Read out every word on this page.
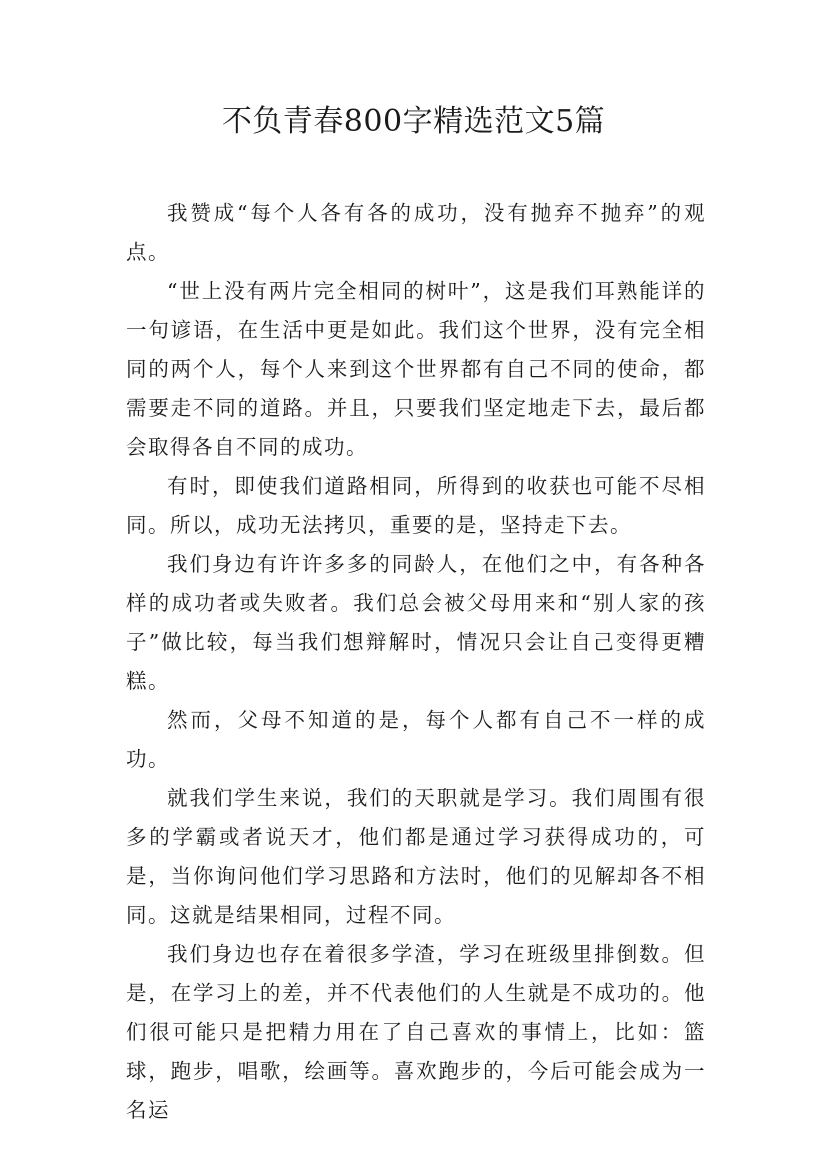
不负青春800字精选范文5篇

我赞成“每个人各有各的成功，没有抛弃不抛弃”的观点。

“世上没有两片完全相同的树叶”，这是我们耳熟能详的一句谚语，在生活中更是如此。我们这个世界，没有完全相同的两个人，每个人来到这个世界都有自己不同的使命，都需要走不同的道路。并且，只要我们坚定地走下去，最后都会取得各自不同的成功。

有时，即使我们道路相同，所得到的收获也可能不尽相同。所以，成功无法拷贝，重要的是，坚持走下去。

我们身边有许许多多的同龄人，在他们之中，有各种各样的成功者或失败者。我们总会被父母用来和“别人家的孩子”做比较，每当我们想辩解时，情况只会让自己变得更糟糕。

然而，父母不知道的是，每个人都有自己不一样的成功。

就我们学生来说，我们的天职就是学习。我们周围有很多的学霸或者说天才，他们都是通过学习获得成功的，可是，当你询问他们学习思路和方法时，他们的见解却各不相同。这就是结果相同，过程不同。

我们身边也存在着很多学渣，学习在班级里排倒数。但是，在学习上的差，并不代表他们的人生就是不成功的。他们很可能只是把精力用在了自己喜欢的事情上，比如：篮球，跑步，唱歌，绘画等。喜欢跑步的，今后可能会成为一名运
